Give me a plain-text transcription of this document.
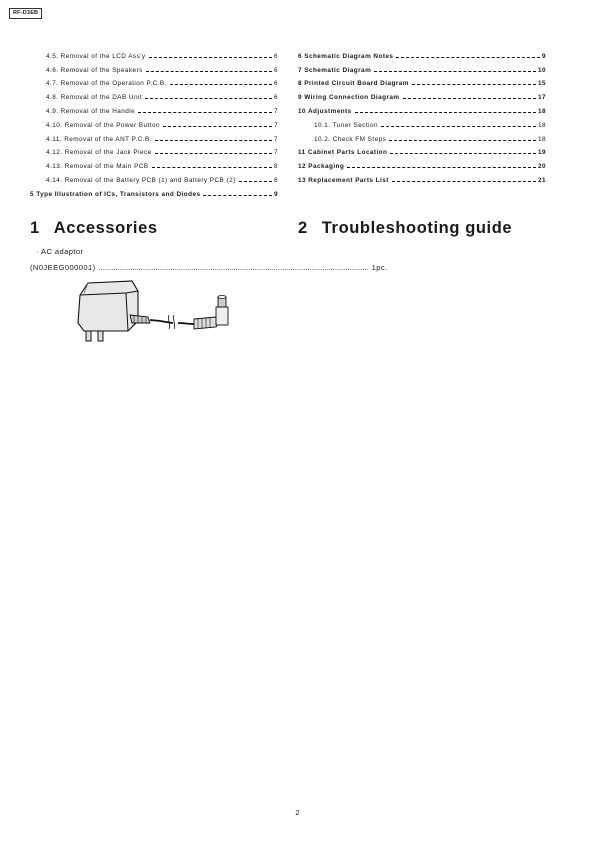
RF-D3EB
4.5. Removal of the LCD Ass'y	6
4.6. Removal of the Speakers	6
4.7. Removal of the Operation P.C.B.	6
4.8. Removal of the DAB Unit	6
4.9. Removal of the Handle	7
4.10. Removal of the Power Button	7
4.11. Removal of the ANT P.C.B.	7
4.12. Removal of the Jack Piece	7
4.13. Removal of the Main PCB	8
4.14. Removal of the Battery PCB (1) and Battery PCB (2)	8
5 Type Illustration of ICs, Transistors and Diodes	9
6 Schematic Diagram Notes	9
7 Schematic Diagram	10
8 Printed Circuit Board Diagram	15
9 Wiring Connection Diagram	17
10 Adjustments	18
10.1. Tuner Section	18
10.2. Check FM Steps	18
11 Cabinet Parts Location	19
12 Packaging	20
13 Replacement Parts List	21
1 Accessories
· AC adaptor
(N0JEEG000001) ................................................................................................................................ 1pc.
2 Troubleshooting guide
2
